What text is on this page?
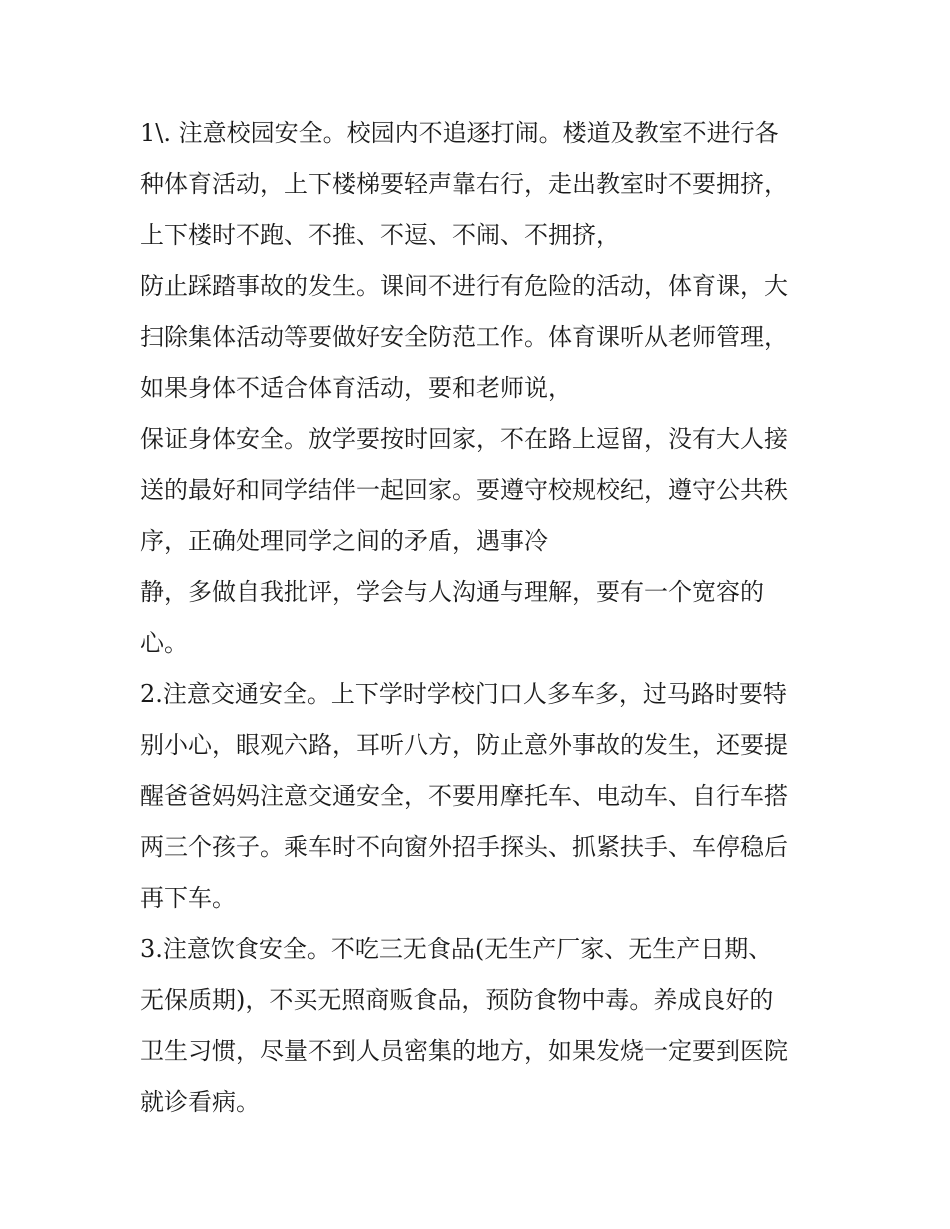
1\. 注意校园安全。校园内不追逐打闹。楼道及教室不进行各
种体育活动，上下楼梯要轻声靠右行，走出教室时不要拥挤，
上下楼时不跑、不推、不逗、不闹、不拥挤，
防止踩踏事故的发生。课间不进行有危险的活动，体育课，大
扫除集体活动等要做好安全防范工作。体育课听从老师管理，
如果身体不适合体育活动，要和老师说，
保证身体安全。放学要按时回家，不在路上逗留，没有大人接
送的最好和同学结伴一起回家。要遵守校规校纪，遵守公共秩
序，正确处理同学之间的矛盾，遇事冷
静，多做自我批评，学会与人沟通与理解，要有一个宽容的
心。
2.注意交通安全。上下学时学校门口人多车多，过马路时要特
别小心，眼观六路，耳听八方，防止意外事故的发生，还要提
醒爸爸妈妈注意交通安全，不要用摩托车、电动车、自行车搭
两三个孩子。乘车时不向窗外招手探头、抓紧扶手、车停稳后
再下车。
3.注意饮食安全。不吃三无食品(无生产厂家、无生产日期、
无保质期)，不买无照商贩食品，预防食物中毒。养成良好的
卫生习惯，尽量不到人员密集的地方，如果发烧一定要到医院
就诊看病。
